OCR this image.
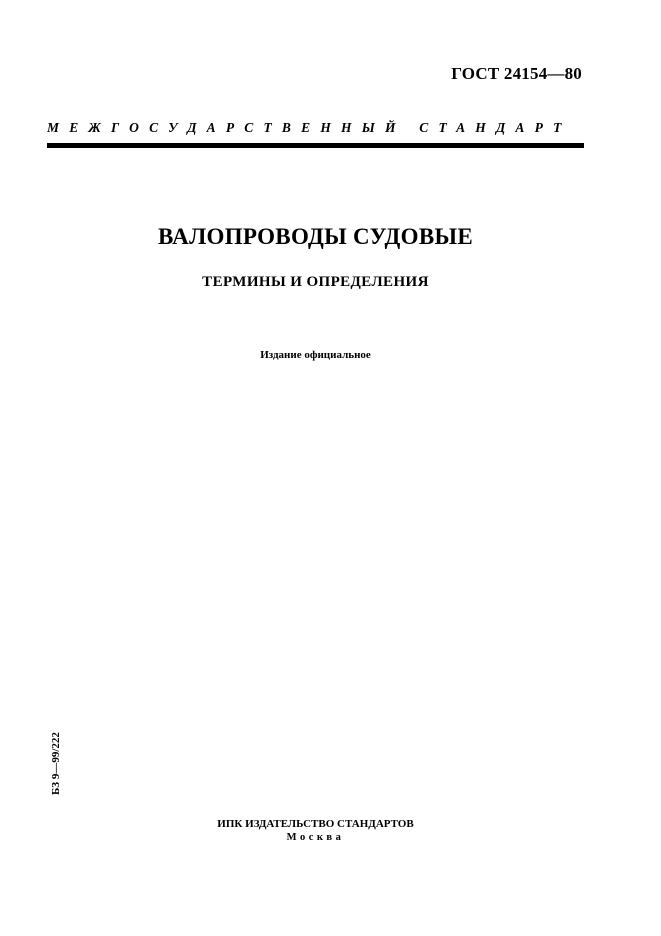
ГОСТ 24154—80
МЕЖГОСУДАРСТВЕННЫЙ СТАНДАРТ
ВАЛОПРОВОДЫ СУДОВЫЕ
ТЕРМИНЫ И ОПРЕДЕЛЕНИЯ
Издание официальное
БЗ 9—99/222
ИПК ИЗДАТЕЛЬСТВО СТАНДАРТОВ
Москва
